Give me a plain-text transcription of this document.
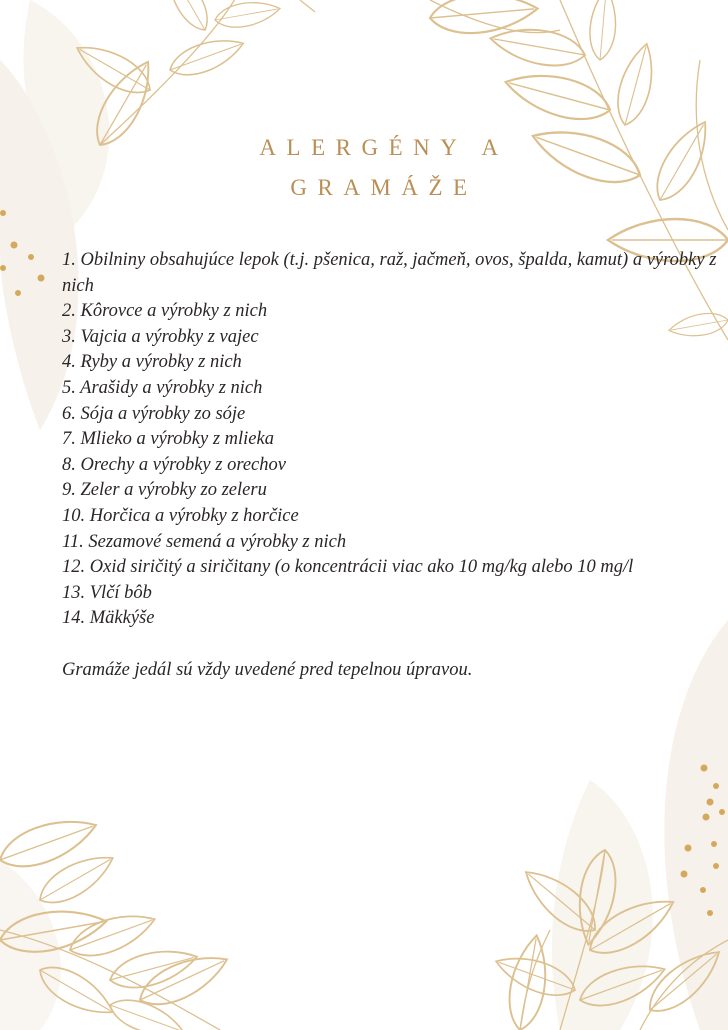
ALERGÉNY A
GRAMÁŽE
1. Obilniny obsahujúce lepok (t.j. pšenica, raž, jačmeň, ovos, špalda, kamut) a výrobky z nich
2. Kôrovce a výrobky z nich
3. Vajcia a výrobky z vajec
4. Ryby a výrobky z nich
5. Arašidy a výrobky z nich
6. Sója a výrobky zo sóje
7. Mlieko a výrobky z mlieka
8. Orechy a výrobky z orechov
9. Zeler a výrobky zo zeleru
10. Horčica a výrobky z horčice
11. Sezamové semená a výrobky z nich
12. Oxid siričitý a siričitany (o koncentrácii viac ako 10 mg/kg alebo 10 mg/l
13. Vlčí bôb
14. Mäkkýše

Gramáže jedál sú vždy uvedené pred tepelnou úpravou.
